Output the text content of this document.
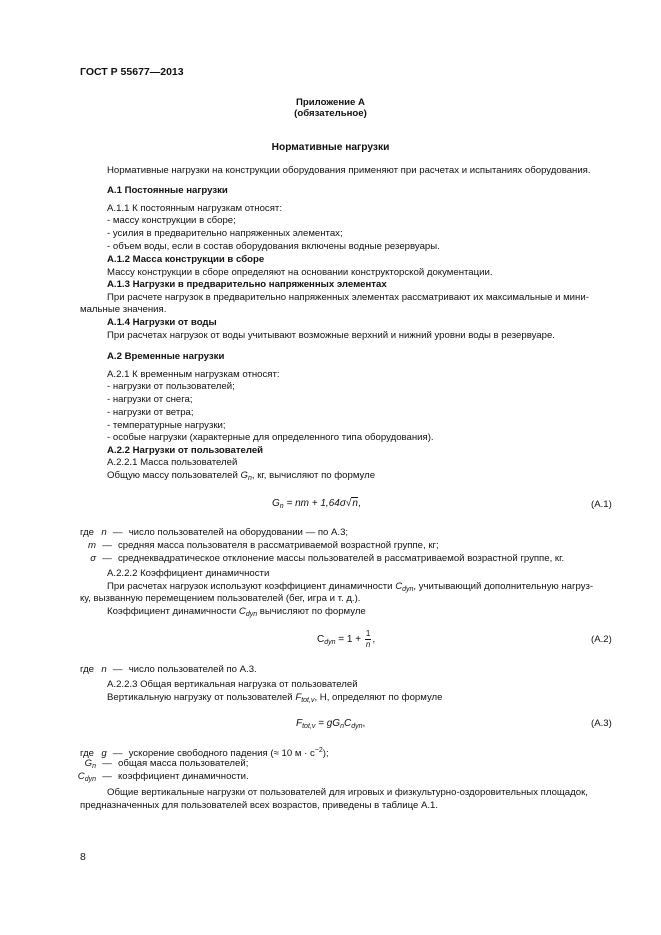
ГОСТ Р 55677—2013
Приложение А
(обязательное)
Нормативные нагрузки
Нормативные нагрузки на конструкции оборудования применяют при расчетах и испытаниях оборудования.
А.1 Постоянные нагрузки
А.1.1 К постоянным нагрузкам относят:
- массу конструкции в сборе;
- усилия в предварительно напряженных элементах;
- объем воды, если в состав оборудования включены водные резервуары.
А.1.2 Масса конструкции в сборе
Массу конструкции в сборе определяют на основании конструкторской документации.
А.1.3 Нагрузки в предварительно напряженных элементах
При расчете нагрузок в предварительно напряженных элементах рассматривают их максимальные и мини-
мальные значения.
А.1.4 Нагрузки от воды
При расчетах нагрузок от воды учитывают возможные верхний и нижний уровни воды в резервуаре.
А.2 Временные нагрузки
А.2.1 К временным нагрузкам относят:
- нагрузки от пользователей;
- нагрузки от снега;
- нагрузки от ветра;
- температурные нагрузки;
- особые нагрузки (характерные для определенного типа оборудования).
А.2.2 Нагрузки от пользователей
А.2.2.1 Масса пользователей
Общую массу пользователей $G_n$, кг, вычисляют по формуле
$G_n$ = nm + 1,64σ√n,	(А.1)
где n — число пользователей на оборудовании — по А.3;
m — средняя масса пользователя в рассматриваемой возрастной группе, кг;
σ — среднеквадратическое отклонение массы пользователей в рассматриваемой возрастной группе, кг.
А.2.2.2 Коэффициент динамичности
При расчетах нагрузок используют коэффициент динамичности $C_{dyn}$, учитывающий дополнительную нагруз-
ку, вызванную перемещением пользователей (бег, игра и т. д.).
Коэффициент динамичности $C_{dyn}$ вычисляют по формуле
$C_{dyn} = 1 + \frac{1}{n}$ ,	(А.2)
где n — число пользователей по А.3.
А.2.2.3 Общая вертикальная нагрузка от пользователей
Вертикальную нагрузку от пользователей $F_{tot,v}$, Н, определяют по формуле
$F_{tot,v} = gG_nC_{dyn}$,	(А.3)
где g — ускорение свободного падения (≈ 10 $м \cdot с^{-2}$);
$G_n$ — общая масса пользователей;
$C_{dyn}$ — коэффициент динамичности.
Общие вертикальные нагрузки от пользователей для игровых и физкультурно-оздоровительных площадок,
предназначенных для пользователей всех возрастов, приведены в таблице А.1.
8
